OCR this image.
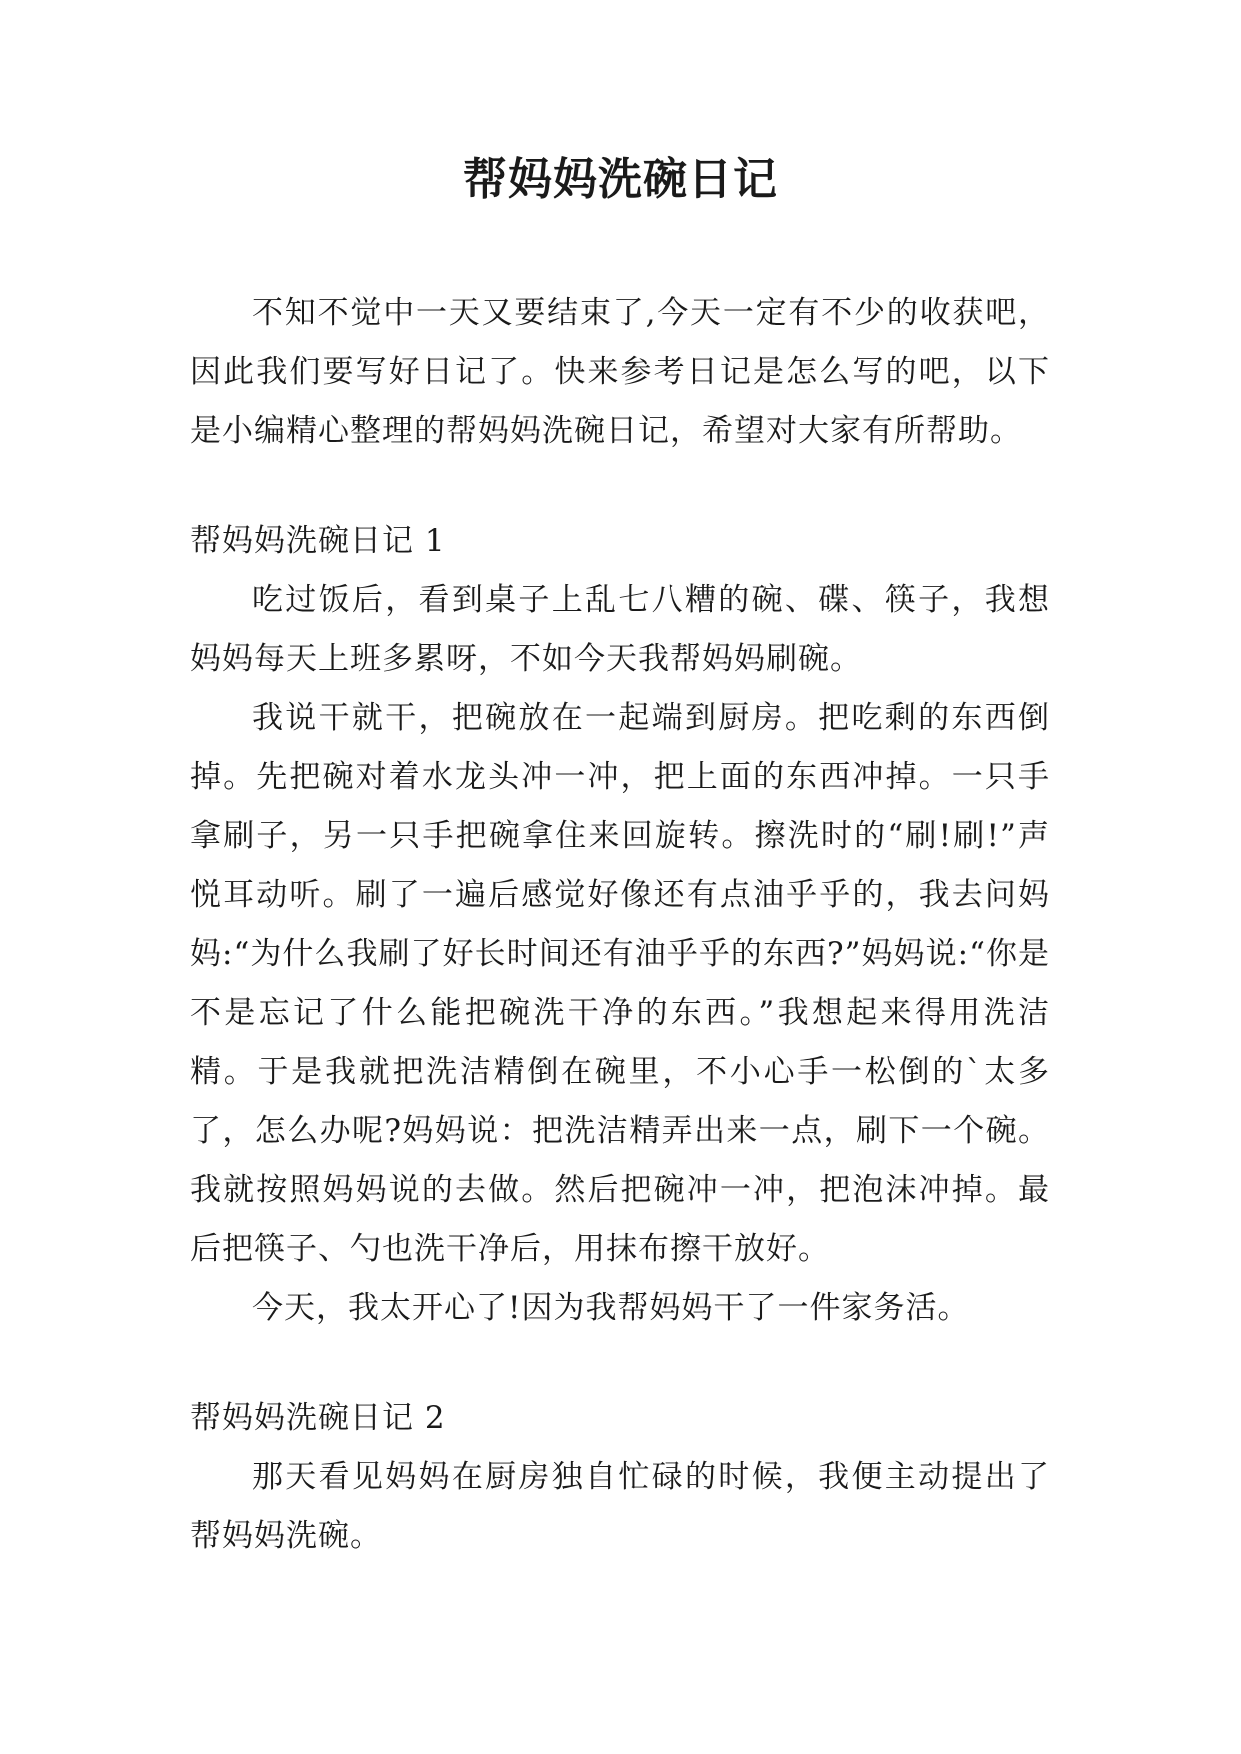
帮妈妈洗碗日记

不知不觉中一天又要结束了,今天一定有不少的收获吧，因此我们要写好日记了。快来参考日记是怎么写的吧，以下是小编精心整理的帮妈妈洗碗日记，希望对大家有所帮助。

帮妈妈洗碗日记 1

吃过饭后，看到桌子上乱七八糟的碗、碟、筷子，我想妈妈每天上班多累呀，不如今天我帮妈妈刷碗。

我说干就干，把碗放在一起端到厨房。把吃剩的东西倒掉。先把碗对着水龙头冲一冲，把上面的东西冲掉。一只手拿刷子，另一只手把碗拿住来回旋转。擦洗时的“刷!刷!”声悦耳动听。刷了一遍后感觉好像还有点油乎乎的，我去问妈妈:“为什么我刷了好长时间还有油乎乎的东西?”妈妈说:“你是不是忘记了什么能把碗洗干净的东西。”我想起来得用洗洁精。于是我就把洗洁精倒在碗里，不小心手一松倒的`太多了，怎么办呢?妈妈说：把洗洁精弄出来一点，刷下一个碗。我就按照妈妈说的去做。然后把碗冲一冲，把泡沫冲掉。最后把筷子、勺也洗干净后，用抹布擦干放好。

今天，我太开心了!因为我帮妈妈干了一件家务活。

帮妈妈洗碗日记 2

那天看见妈妈在厨房独自忙碌的时候，我便主动提出了帮妈妈洗碗。
